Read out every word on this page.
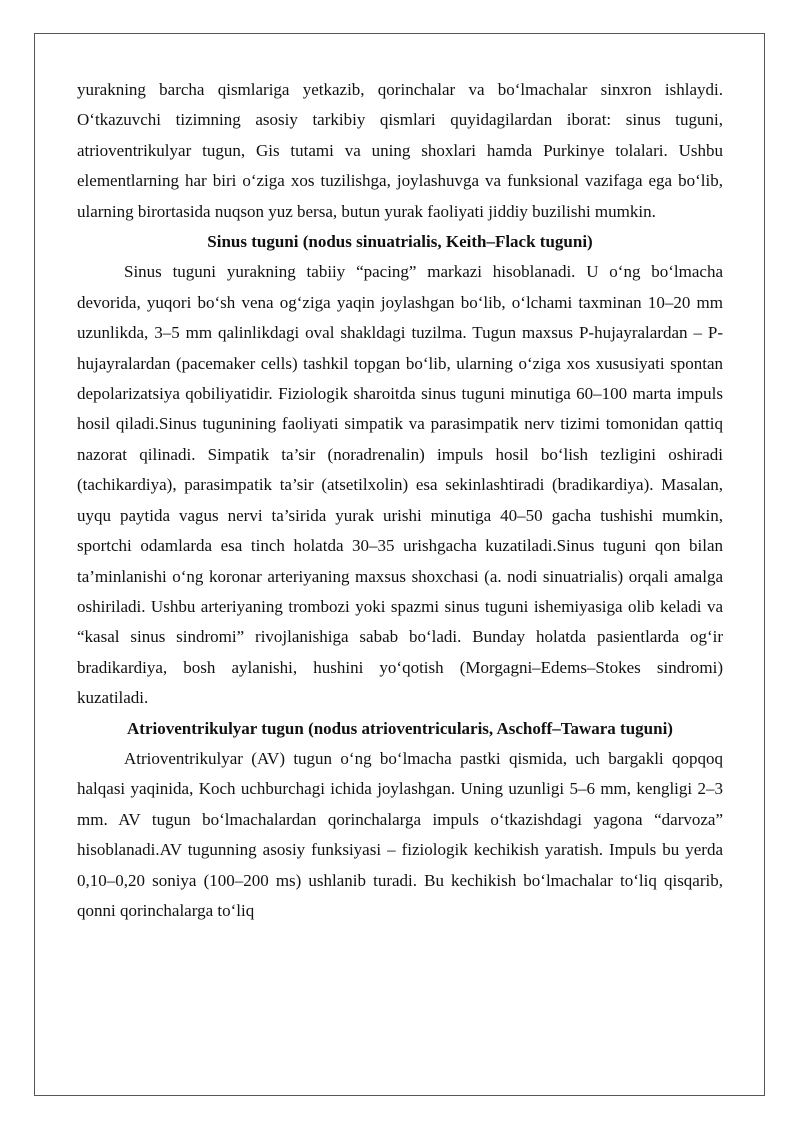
yurakning barcha qismlariga yetkazib, qorinchalar va bo‘lmachalar sinxron ishlaydi. O‘tkazuvchi tizimning asosiy tarkibiy qismlari quyidagilardan iborat: sinus tuguni, atrioventrikulyar tugun, Gis tutami va uning shoxlari hamda Purkinye tolalari. Ushbu elementlarning har biri o‘ziga xos tuzilishga, joylashuvga va funksional vazifaga ega bo‘lib, ularning birortasida nuqson yuz bersa, butun yurak faoliyati jiddiy buzilishi mumkin.

Sinus tuguni (nodus sinuatrialis, Keith–Flack tuguni)

Sinus tuguni yurakning tabiiy “pacing” markazi hisoblanadi. U o‘ng bo‘lmacha devorida, yuqori bo‘sh vena og‘ziga yaqin joylashgan bo‘lib, o‘lchami taxminan 10–20 mm uzunlikda, 3–5 mm qalinlikdagi oval shakldagi tuzilma. Tugun maxsus P-hujayralardan – P-hujayralardan (pacemaker cells) tashkil topgan bo‘lib, ularning o‘ziga xos xususiyati spontan depolarizatsiya qobiliyatidir. Fiziologik sharoitda sinus tuguni minutiga 60–100 marta impuls hosil qiladi.Sinus tugunining faoliyati simpatik va parasimpatik nerv tizimi tomonidan qattiq nazorat qilinadi. Simpatik ta’sir (noradrenalin) impuls hosil bo‘lish tezligini oshiradi (tachikardiya), parasimpatik ta’sir (atsetilxolin) esa sekinlashtiradi (bradikardiya). Masalan, uyqu paytida vagus nervi ta’sirida yurak urishi minutiga 40–50 gacha tushishi mumkin, sportchi odamlarda esa tinch holatda 30–35 urishgacha kuzatiladi.Sinus tuguni qon bilan ta’minlanishi o‘ng koronar arteriyaning maxsus shoxchasi (a. nodi sinuatrialis) orqali amalga oshiriladi. Ushbu arteriyaning trombozi yoki spazmi sinus tuguni ishemiyasiga olib keladi va “kasal sinus sindromi” rivojlanishiga sabab bo‘ladi. Bunday holatda pasientlarda og‘ir bradikardiya, bosh aylanishi, hushini yo‘qotish (Morgagni–Edems–Stokes sindromi) kuzatiladi.

Atrioventrikulyar tugun (nodus atrioventricularis, Aschoff–Tawara tuguni)

Atrioventrikulyar (AV) tugun o‘ng bo‘lmacha pastki qismida, uch bargakli qopqoq halqasi yaqinida, Koch uchburchagi ichida joylashgan. Uning uzunligi 5–6 mm, kengligi 2–3 mm. AV tugun bo‘lmachalardan qorinchalarga impuls o‘tkazishdagi yagona “darvoza” hisoblanadi.AV tugunning asosiy funksiyasi – fiziologik kechikish yaratish. Impuls bu yerda 0,10–0,20 soniya (100–200 ms) ushlanib turadi. Bu kechikish bo‘lmachalar to‘liq qisqarib, qonni qorinchalarga to‘liq
